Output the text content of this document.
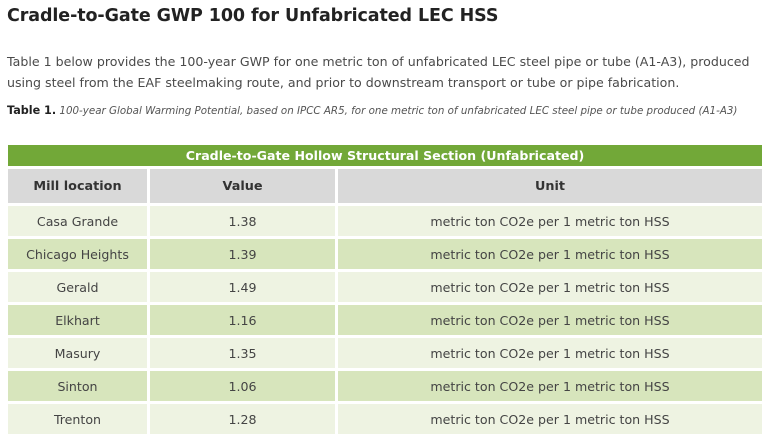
Cradle-to-Gate GWP 100 for Unfabricated LEC HSS

Table 1 below provides the 100-year GWP for one metric ton of unfabricated LEC steel pipe or tube (A1-A3), produced using steel from the EAF steelmaking route, and prior to downstream transport or tube or pipe fabrication.

Table 1. 100-year Global Warming Potential, based on IPCC AR5, for one metric ton of unfabricated LEC steel pipe or tube produced (A1-A3)

Cradle-to-Gate Hollow Structural Section (Unfabricated)		
Mill location	Value	Unit
Casa Grande	1.38	metric ton CO2e per 1 metric ton HSS
Chicago Heights	1.39	metric ton CO2e per 1 metric ton HSS
Gerald	1.49	metric ton CO2e per 1 metric ton HSS
Elkhart	1.16	metric ton CO2e per 1 metric ton HSS
Masury	1.35	metric ton CO2e per 1 metric ton HSS
Sinton	1.06	metric ton CO2e per 1 metric ton HSS
Trenton	1.28	metric ton CO2e per 1 metric ton HSS
